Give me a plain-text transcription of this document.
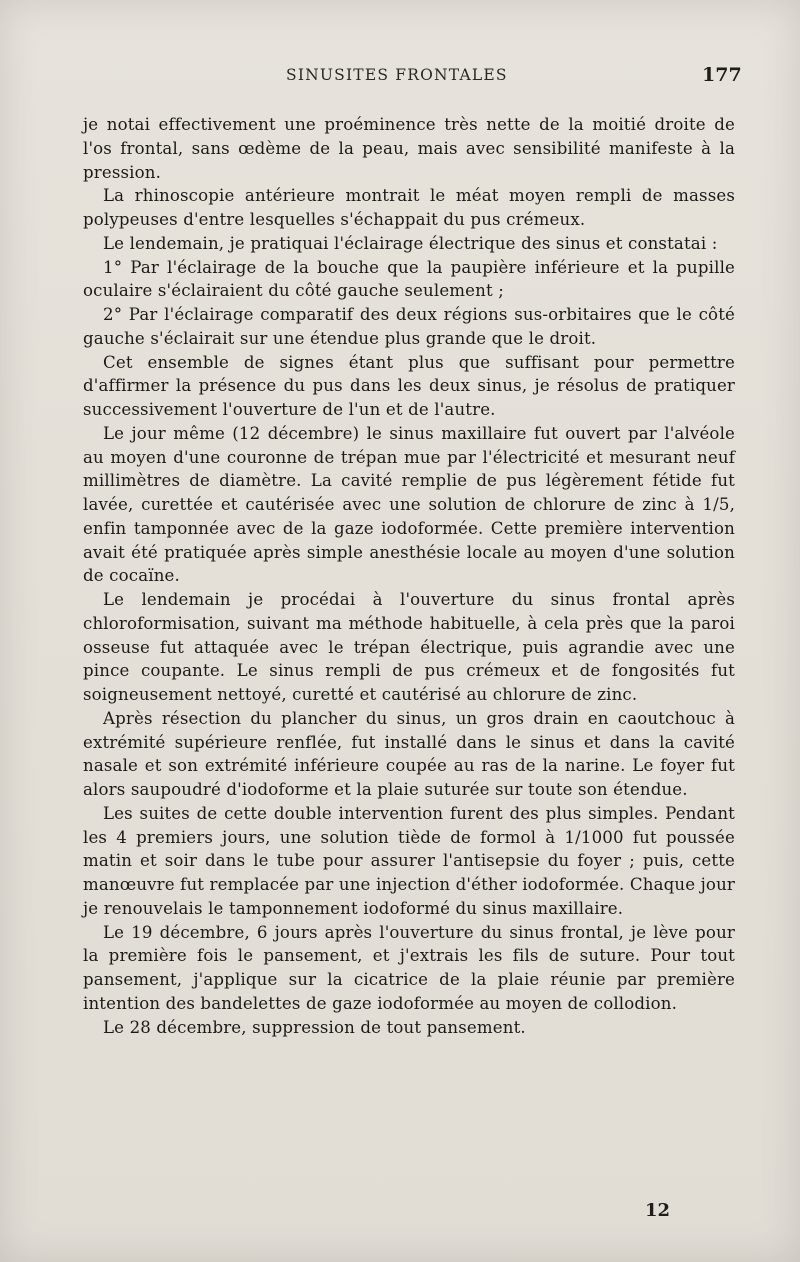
SINUSITES FRONTALES	177

je notai effectivement une proéminence très nette de la moitié droite de l'os frontal, sans œdème de la peau, mais avec sensibilité manifeste à la pression.

La rhinoscopie antérieure montrait le méat moyen rempli de masses polypeuses d'entre lesquelles s'échappait du pus crémeux.

Le lendemain, je pratiquai l'éclairage électrique des sinus et constatai :

1° Par l'éclairage de la bouche que la paupière inférieure et la pupille oculaire s'éclairaient du côté gauche seulement ;

2° Par l'éclairage comparatif des deux régions sus-orbitaires que le côté gauche s'éclairait sur une étendue plus grande que le droit.

Cet ensemble de signes étant plus que suffisant pour permettre d'affirmer la présence du pus dans les deux sinus, je résolus de pratiquer successivement l'ouverture de l'un et de l'autre.

Le jour même (12 décembre) le sinus maxillaire fut ouvert par l'alvéole au moyen d'une couronne de trépan mue par l'électricité et mesurant neuf millimètres de diamètre. La cavité remplie de pus légèrement fétide fut lavée, curettée et cautérisée avec une solution de chlorure de zinc à 1/5, enfin tamponnée avec de la gaze iodoformée. Cette première intervention avait été pratiquée après simple anesthésie locale au moyen d'une solution de cocaïne.

Le lendemain je procédai à l'ouverture du sinus frontal après chloroformisation, suivant ma méthode habituelle, à cela près que la paroi osseuse fut attaquée avec le trépan électrique, puis agrandie avec une pince coupante. Le sinus rempli de pus crémeux et de fongosités fut soigneusement nettoyé, curetté et cautérisé au chlorure de zinc.

Après résection du plancher du sinus, un gros drain en caoutchouc à extrémité supérieure renflée, fut installé dans le sinus et dans la cavité nasale et son extrémité inférieure coupée au ras de la narine. Le foyer fut alors saupoudré d'iodoforme et la plaie suturée sur toute son étendue.

Les suites de cette double intervention furent des plus simples. Pendant les 4 premiers jours, une solution tiède de formol à 1/1000 fut poussée matin et soir dans le tube pour assurer l'antisepsie du foyer ; puis, cette manœuvre fut remplacée par une injection d'éther iodoformée. Chaque jour je renouvelais le tamponnement iodoformé du sinus maxillaire.

Le 19 décembre, 6 jours après l'ouverture du sinus frontal, je lève pour la première fois le pansement, et j'extrais les fils de suture. Pour tout pansement, j'applique sur la cicatrice de la plaie réunie par première intention des bandelettes de gaze iodoformée au moyen de collodion.

Le 28 décembre, suppression de tout pansement.

12
